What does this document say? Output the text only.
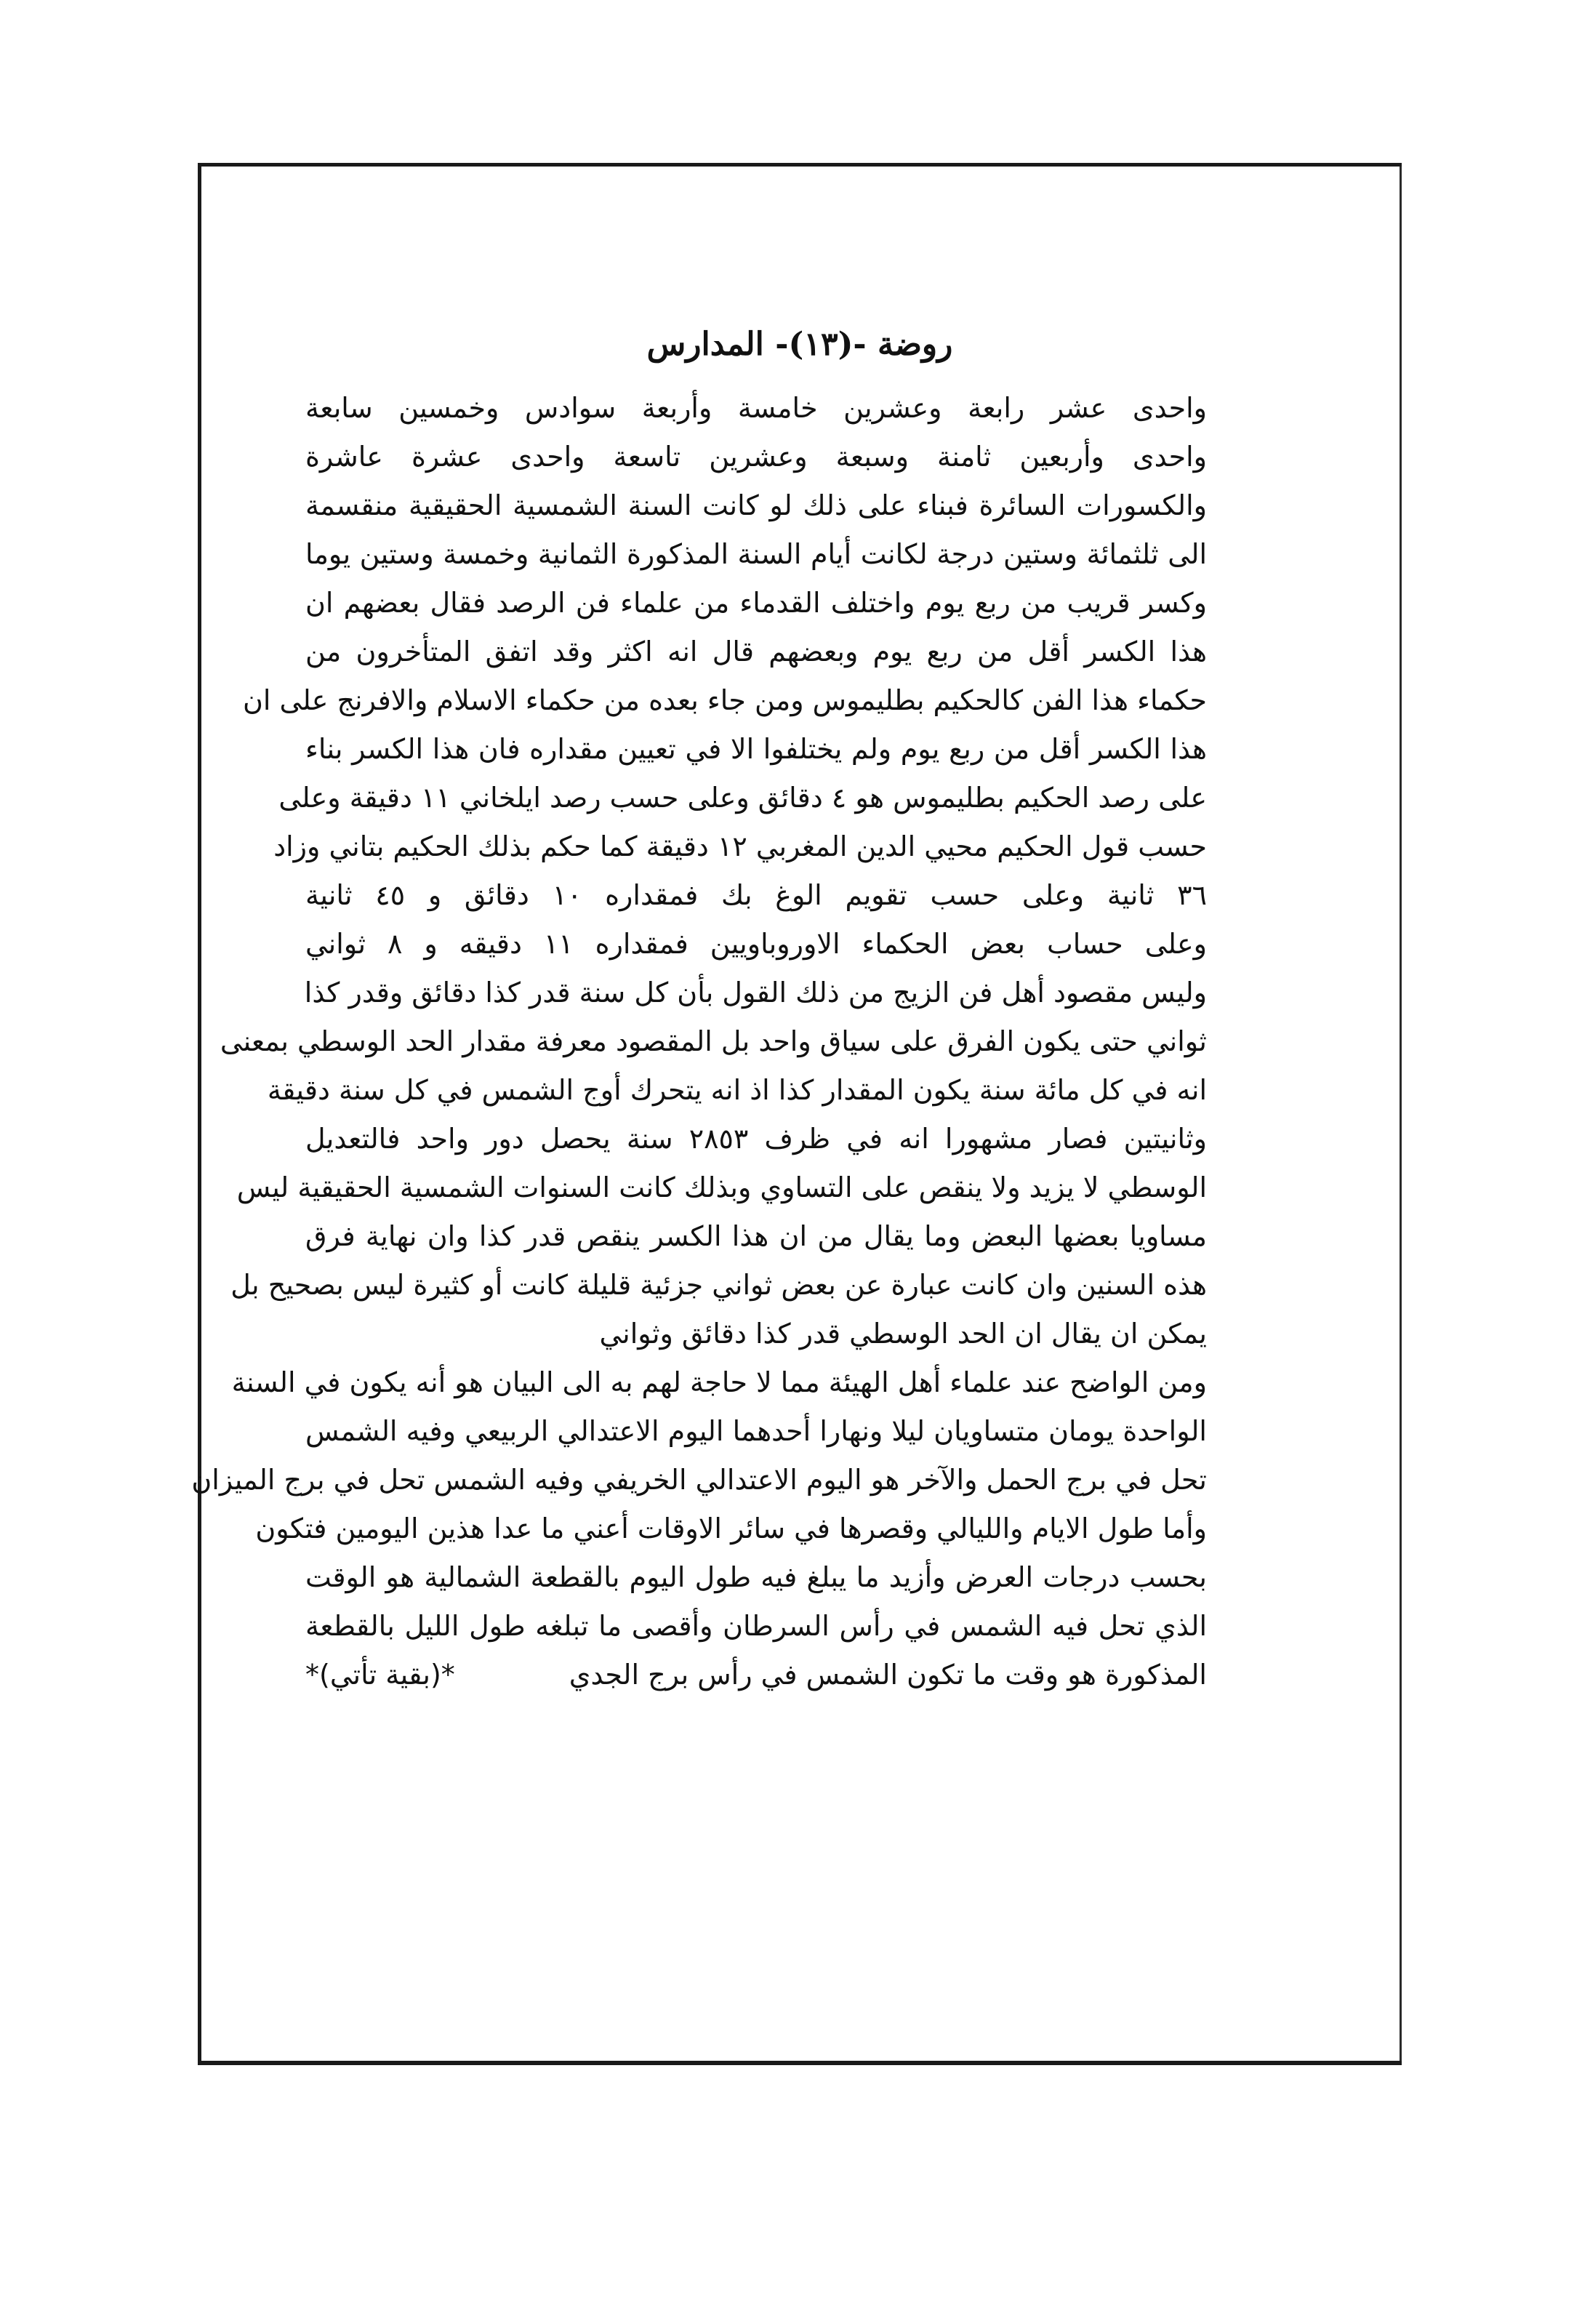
روضة -(١٣)- المدارس
واحدى عشر رابعة وعشرين خامسة وأربعة سوادس وخمسين سابعة
واحدى وأربعين ثامنة وسبعة وعشرين تاسعة واحدى عشرة عاشرة
والكسورات السائرة فبناء على ذلك لو كانت السنة الشمسية الحقيقية منقسمة
الى ثلثمائة وستين درجة لكانت أيام السنة المذكورة الثمانية وخمسة وستين يوما
وكسر قريب من ربع يوم واختلف القدماء من علماء فن الرصد فقال بعضهم ان
هذا الكسر أقل من ربع يوم وبعضهم قال انه اكثر وقد اتفق المتأخرون من
حكماء هذا الفن كالحكيم بطليموس ومن جاء بعده من حكماء الاسلام والافرنج على ان
هذا الكسر أقل من ربع يوم ولم يختلفوا الا في تعيين مقداره فان هذا الكسر بناء
على رصد الحكيم بطليموس هو ٤ دقائق وعلى حسب رصد ايلخاني ١١ دقيقة وعلى
حسب قول الحكيم محيي الدين المغربي ١٢ دقيقة كما حكم بذلك الحكيم بتاني وزاد
٣٦ ثانية وعلى حسب تقويم الوغ بك فمقداره ١٠ دقائق و ٤٥ ثانية
وعلى حساب بعض الحكماء الاوروباويين فمقداره ١١ دقيقه و ٨ ثواني
وليس مقصود أهل فن الزيج من ذلك القول بأن كل سنة قدر كذا دقائق وقدر كذا
ثواني حتى يكون الفرق على سياق واحد بل المقصود معرفة مقدار الحد الوسطي بمعنى
انه في كل مائة سنة يكون المقدار كذا اذ انه يتحرك أوج الشمس في كل سنة دقيقة
وثانيتين فصار مشهورا انه في ظرف ٢٨٥٣ سنة يحصل دور واحد فالتعديل
الوسطي لا يزيد ولا ينقص على التساوي وبذلك كانت السنوات الشمسية الحقيقية ليس
مساويا بعضها البعض وما يقال من ان هذا الكسر ينقص قدر كذا وان نهاية فرق
هذه السنين وان كانت عبارة عن بعض ثواني جزئية قليلة كانت أو كثيرة ليس بصحيح بل
يمكن ان يقال ان الحد الوسطي قدر كذا دقائق وثواني
ومن الواضح عند علماء أهل الهيئة مما لا حاجة لهم به الى البيان هو أنه يكون في السنة
الواحدة يومان متساويان ليلا ونهارا أحدهما اليوم الاعتدالي الربيعي وفيه الشمس
تحل في برج الحمل والآخر هو اليوم الاعتدالي الخريفي وفيه الشمس تحل في برج الميزان
وأما طول الايام والليالي وقصرها في سائر الاوقات أعني ما عدا هذين اليومين فتكون
بحسب درجات العرض وأزيد ما يبلغ فيه طول اليوم بالقطعة الشمالية هو الوقت
الذي تحل فيه الشمس في رأس السرطان وأقصى ما تبلغه طول الليل بالقطعة
المذكورة هو وقت ما تكون الشمس في رأس برج الجدي
*(بقية تأتي)*
